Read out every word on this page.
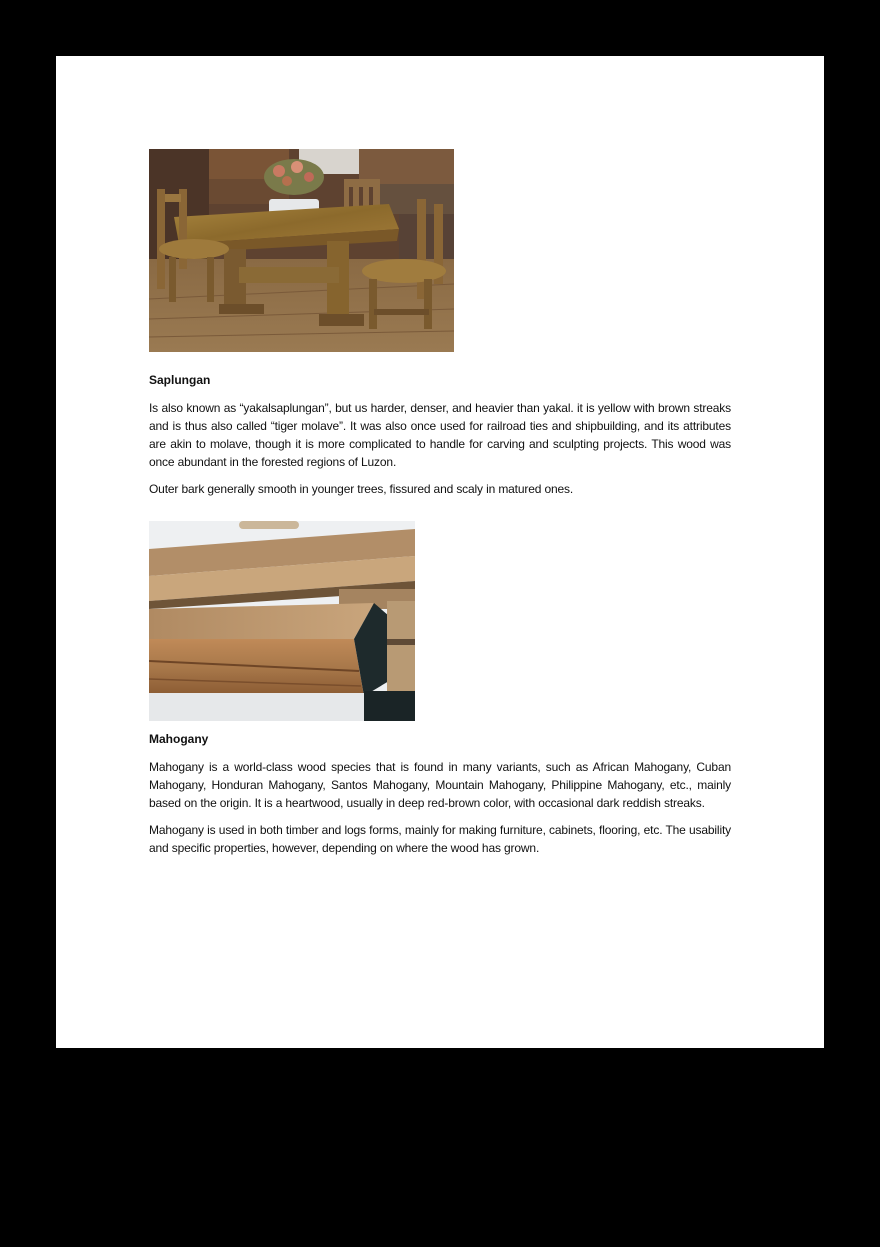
Saplungan

Is also known as “yakalsaplungan”, but us harder, denser, and heavier than yakal. it is yellow with brown streaks and is thus also called “tiger molave”. It was also once used for railroad ties and shipbuilding, and its attributes are akin to molave, though it is more complicated to handle for carving and sculpting projects. This wood was once abundant in the forested regions of Luzon.

Outer bark generally smooth in younger trees, fissured and scaly in matured ones.

Mahogany

Mahogany is a world-class wood species that is found in many variants, such as African Mahogany, Cuban Mahogany, Honduran Mahogany, Santos Mahogany, Mountain Mahogany, Philippine Mahogany, etc., mainly based on the origin. It is a heartwood, usually in deep red-brown color, with occasional dark reddish streaks.

Mahogany is used in both timber and logs forms, mainly for making furniture, cabinets, flooring, etc. The usability and specific properties, however, depending on where the wood has grown.
